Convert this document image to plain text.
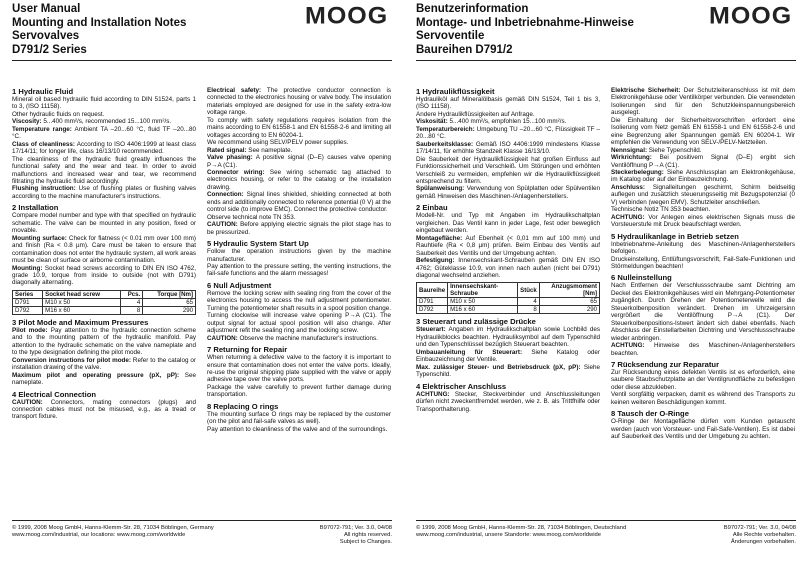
User Manual
Mounting and Installation Notes
Servovalves
D791/2 Series
MOOG
1 Hydraulic Fluid
Mineral oil based hydraulic fluid according to DIN 51524, parts 1 to 3, (ISO 11158).
Other hydraulic fluids on request.
Viscosity: 5...400 mm²/s, recommended 15...100 mm²/s.
Temperature range: Ambient TA –20...60 °C, fluid TF –20...80 °C.
Class of cleanliness: According to ISO 4406:1999 at least class 17/14/11; for longer life, class 16/13/10 recommended.
The cleanliness of the hydraulic fluid greatly influences the functional safety and the wear and tear. In order to avoid malfunctions and increased wear and tear, we recommend filtrating the hydraulic fluid accordingly.
Flushing instruction: Use of flushing plates or flushing valves according to the machine manufacturer's instructions.
2 Installation
Compare model number and type with that specified on hydraulic schematic. The valve can be mounted in any position, fixed or movable.
Mounting surface: Check for flatness (< 0.01 mm over 100 mm) and finish (Ra < 0.8 µm). Care must be taken to ensure that contamination does not enter the hydraulic system, all work areas must be clean of surface or airborne contamination.
Mounting: Socket head screws according to DIN EN ISO 4762, grade 10.9, torque from inside to outside (not with D791) diagonally alternating.
Series	Socket head screw	Pcs.	Torque [Nm]
D791	M10 x 50	4	65
D792	M16 x 60	8	290
3 Pilot Mode and Maximum Pressures
Pilot mode: Pay attention to the hydraulic connection scheme and to the mounting pattern of the hydraulic manifold. Pay attention to the hydraulic schematic on the valve nameplate and to the type designation defining the pilot mode.
Conversion instructions for pilot mode: Refer to the catalog or installation drawing of the valve.
Maximum pilot and operating pressure (pX, pP): See nameplate.
4 Electrical Connection
CAUTION: Connectors, mating connectors (plugs) and connection cables must not be misused, e.g., as a tread or transport fixture.
Electrical safety: The protective conductor connection is connected to the electronics housing or valve body. The insulation materials employed are designed for use in the safety extra-low voltage range.
To comply with safety regulations requires isolation from the mains according to EN 61558-1 and EN 61558-2-6 and limiting all voltages according to EN 60204-1.
We recommend using SELV/PELV power supplies.
Rated signal: See nameplate.
Valve phasing: A positive signal (D–E) causes valve opening P→A (C1).
Connector wiring: See wiring schematic tag attached to electronics housing, or refer to the catalog or the installation drawing.
Connection: Signal lines shielded, shielding connected at both ends and additionally connected to reference potential (0 V) at the control side (to improve EMC). Connect the protective conductor.
Observe technical note TN 353.
CAUTION: Before applying electric signals the pilot stage has to be pressurized.
5 Hydraulic System Start Up
Follow the operation instructions given by the machine manufacturer.
Pay attention to the pressure setting, the venting instructions, the fail-safe functions and the alarm messages!
6 Null Adjustment
Remove the locking screw with sealing ring from the cover of the electronics housing to access the null adjustment potentiometer. Turning the potentiometer shaft results in a spool position change. Turning clockwise will increase valve opening P→A (C1). The output signal for actual spool position will also change. After adjustment refit the sealing ring and the locking screw.
CAUTION: Observe the machine manufacturer's instructions.
7 Returning for Repair
When returning a defective valve to the factory it is important to ensure that contamination does not enter the valve ports. Ideally, re-use the original shipping plate supplied with the valve or apply adhesive tape over the valve ports.
Package the valve carefully to prevent further damage during transportation.
8 Replacing O rings
The mounting surface O rings may be replaced by the customer (on the pilot and fail-safe valves as well).
Pay attention to cleanliness of the valve and of the surroundings.
© 1999, 2008 Moog GmbH, Hanns-Klemm-Str. 28, 71034 Böblingen, Germany
www.moog.com/industrial, our locations: www.moog.com/worldwide
B97072-791; Ver. 3.0, 04/08
All rights reserved.
Subject to Changes.
Benutzerinformation
Montage- und Inbetriebnahme-Hinweise
Servoventile
Baureihen D791/2
MOOG
1 Hydraulikflüssigkeit
Hydrauliköl auf Mineralölbasis gemäß DIN 51524, Teil 1 bis 3, (ISO 11158).
Andere Hydraulikflüssigkeiten auf Anfrage.
Viskosität: 5...400 mm²/s, empfohlen 15...100 mm²/s.
Temperaturbereich: Umgebung TU –20...60 °C, Flüssigkeit TF –20...80 °C.
Sauberkeitsklasse: Gemäß ISO 4406:1999 mindestens Klasse 17/14/11, für erhöhte Standzeit Klasse 16/13/10.
Die Sauberkeit der Hydraulikflüssigkeit hat großen Einfluss auf Funktionssicherheit und Verschleiß. Um Störungen und erhöhten Verschleiß zu vermeiden, empfehlen wir die Hydraulikflüssigkeit entsprechend zu filtern.
Spülanweisung: Verwendung von Spülplatten oder Spülventilen gemäß Hinweisen des Maschinen-/Anlagenherstellers.
2 Einbau
Modell-Nr. und Typ mit Angaben im Hydraulikschaltplan vergleichen. Das Ventil kann in jeder Lage, fest oder beweglich eingebaut werden.
Montagefläche: Auf Ebenheit (< 0,01 mm auf 100 mm) und Rauhtiefe (Ra < 0,8 µm) prüfen. Beim Einbau des Ventils auf Sauberkeit des Ventils und der Umgebung achten.
Befestigung: Innensechskant-Schrauben gemäß DIN EN ISO 4762; Güteklasse 10.9, von innen nach außen (nicht bei D791) diagonal wechselnd anziehen.
Baureihe	Innensechskant-Schraube	Stück	Anzugsmoment [Nm]
D791	M10 x 50	4	65
D792	M16 x 60	8	290
3 Steuerart und zulässige Drücke
Steuerart: Angaben im Hydraulikschaltplan sowie Lochbild des Hydraulikblocks beachten. Hydrauliksymbol auf dem Typenschild und den Typenschlüssel bezüglich Steuerart beachten.
Umbauanleitung für Steuerart: Siehe Katalog oder Einbauzeichnung der Ventile.
Max. zulässiger Steuer- und Betriebsdruck (pX, pP): Siehe Typenschild.
4 Elektrischer Anschluss
ACHTUNG: Stecker, Steckverbinder und Anschlussleitungen dürfen nicht zweckentfremdet werden, wie z. B. als Trittfhilfe oder Transporthalterung.
Elektrische Sicherheit: Der Schutzleiteranschluss ist mit dem Elektronikgehäuse oder Ventilkörper verbunden. Die verwendeten Isolierungen sind für den Schutzkleinspannungsbereich ausgelegt.
Die Einhaltung der Sicherheitsvorschriften erfordert eine Isolierung vom Netz gemäß EN 61558-1 und EN 61558-2-6 und eine Begrenzung aller Spannungen gemäß EN 60204-1. Wir empfehlen die Verwendung von SELV-/PELV-Netzteilen.
Nennsignal: Siehe Typenschild.
Wirkrichtung: Bei positivem Signal (D–E) ergibt sich Ventilöffnung P→A (C1).
Steckerbelegung: Siehe Anschlussplan am Elektronikgehäuse, im Katalog oder auf der Einbauzeichnung.
Anschluss: Signalleitungen geschirmt, Schirm beidseitig auflegen und zusätzlich steuerungsseitig mit Bezugspotenzial (0 V) verbinden (wegen EMV). Schutzleiter anschließen.
Technische Notiz TN 353 beachten.
ACHTUNG: Vor Anlegen eines elektrischen Signals muss die Vorsteuerstufe mit Druck beaufschlagt werden.
5 Hydraulikanlage in Betrieb setzen
Inbetriebnahme-Anleitung des Maschinen-/Anlagenherstellers befolgen.
Druckeinstellung, Entlüftungsvorschrift, Fail-Safe-Funktionen und Störmeldungen beachten!
6 Nulleinstellung
Nach Entfernen der Verschlussschraube samt Dichtring am Deckel des Elektronikgehäuses wird ein Mehrgang-Potentiometer zugänglich. Durch Drehen der Potentiometerwelle wird die Steuerkolbenposition verändert. Drehen im Uhrzeigersinn vergrößert die Ventilöffnung P→A (C1). Der Steuerkolbenpositions-Istwert ändert sich dabei ebenfalls. Nach Abschluss der Einstellarbeiten Dichtring und Verschlussschraube wieder anbringen.
ACHTUNG: Hinweise des Maschinen-/Anlagenherstellers beachten.
7 Rücksendung zur Reparatur
Zur Rücksendung eines defekten Ventils ist es erforderlich, eine saubere Staubschutzplatte an der Ventilgrundfläche zu befestigen oder diese abzukleben.
Ventil sorgfältig verpacken, damit es während des Transports zu keinen weiteren Beschädigungen kommt.
8 Tausch der O-Ringe
O-Ringe der Montagefläche dürfen vom Kunden getauscht werden (auch von Vorsteuer- und Fail-Safe-Ventilen). Es ist dabei auf Sauberkeit des Ventils und der Umgebung zu achten.
© 1999, 2008 Moog GmbH, Hanns-Klemm-Str. 28, 71034 Böblingen, Deutschland
www.moog.com/industrial, unsere Standorte: www.moog.com/worldwide
B97072-791; Ver. 3.0, 04/08
Alle Rechte vorbehalten.
Änderungen vorbehalten.
